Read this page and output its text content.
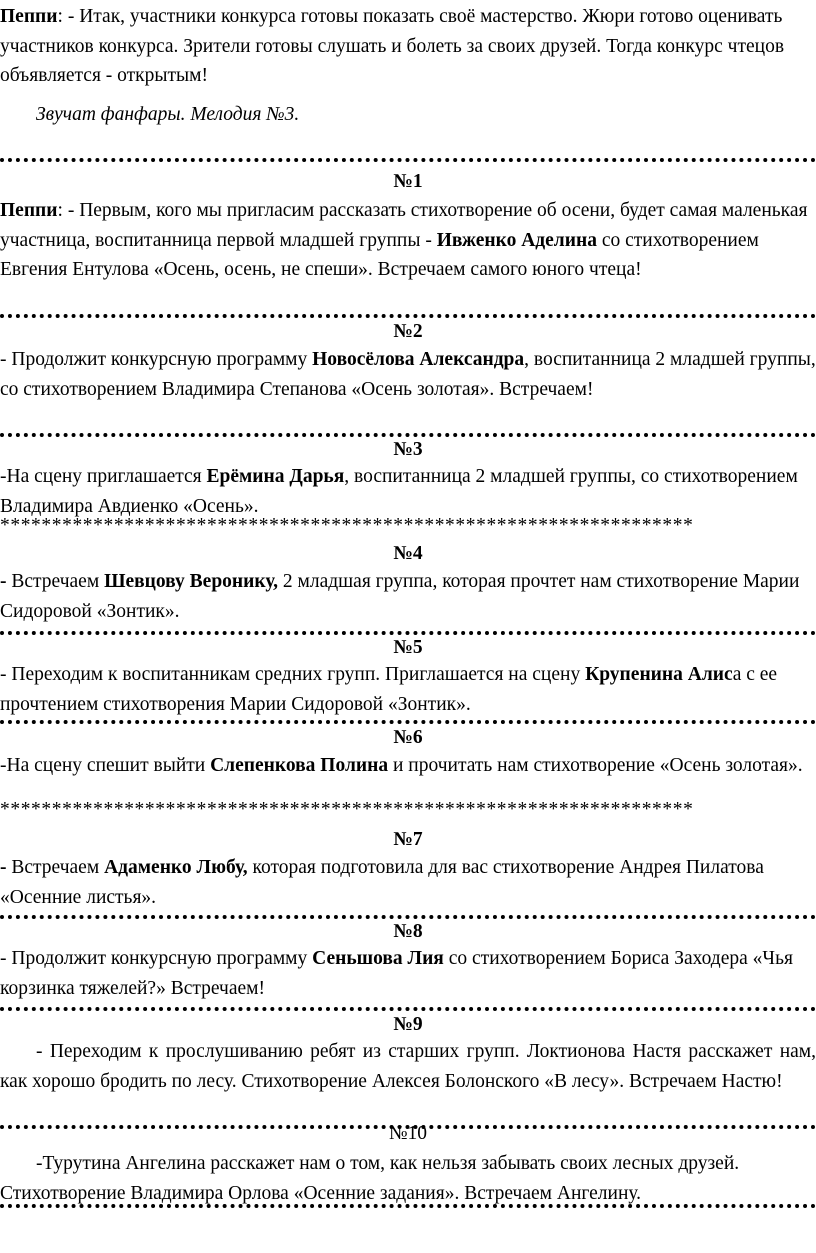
Пеппи: - Итак, участники конкурса готовы показать своё мастерство. Жюри готово оценивать участников конкурса. Зрители готовы слушать и болеть за своих друзей. Тогда конкурс чтецов объявляется - открытым!

Звучат фанфары. Мелодия №3.
№1

Пеппи: - Первым, кого мы пригласим рассказать стихотворение об осени, будет самая маленькая участница, воспитанница первой младшей группы - Ивженко Аделина со стихотворением Евгения Ентулова «Осень, осень, не спеши». Встречаем самого юного чтеца!

№2

- Продолжит конкурсную программу Новосёлова Александра, воспитанница 2 младшей группы, со стихотворением Владимира Степанова «Осень золотая». Встречаем!

№3

-На сцену приглашается Ерёмина Дарья, воспитанница 2 младшей группы, со стихотворением Владимира Авдиенко «Осень».

*******************************************************************
№4

- Встречаем Шевцову Веронику, 2 младшая группа, которая прочтет нам стихотворение Марии Сидоровой «Зонтик».

№5

- Переходим к воспитанникам средних групп. Приглашается на сцену Крупенина Алиса с ее прочтением стихотворения Марии Сидоровой «Зонтик».

№6

-На сцену спешит выйти Слепенкова Полина и прочитать нам стихотворение «Осень золотая».

*******************************************************************
№7

- Встречаем Адаменко Любу, которая подготовила для вас стихотворение Андрея Пилатова «Осенние листья».

№8

- Продолжит конкурсную программу Сеньшова Лия со стихотворением Бориса Заходера «Чья корзинка тяжелей?» Встречаем!

№9
- Переходим к прослушиванию ребят из старших групп. Локтионова Настя расскажет нам, как хорошо бродить по лесу. Стихотворение Алексея Болонского «В лесу». Встречаем Настю!
№10
-Турутина Ангелина расскажет нам о том, как нельзя забывать своих лесных друзей. Стихотворение Владимира Орлова «Осенние задания». Встречаем Ангелину.
